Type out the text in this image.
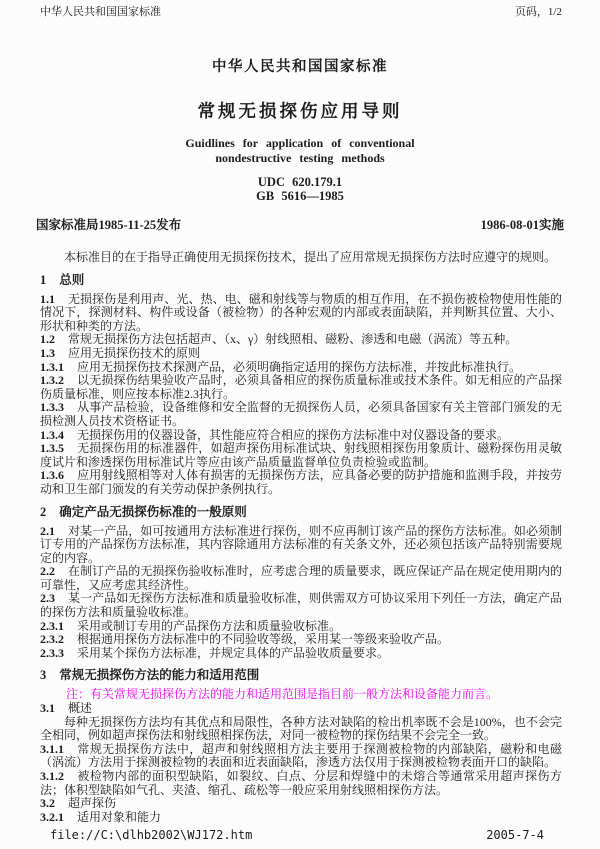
中华人民共和国国家标准	页码，1/2

中华人民共和国国家标准

常规无损探伤应用导则

Guidlines for application of conventional

nondestructive testing methods

UDC 620.179.1

GB 5616—1985

国家标准局1985-11-25发布	1986-08-01实施

本标准目的在于指导正确使用无损探伤技术，提出了应用常规无损探伤方法时应遵守的规则。

1 总则

1.1 无损探伤是利用声、光、热、电、磁和射线等与物质的相互作用，在不损伤被检物使用性能的情况下，探测材料、构件或设备（被检物）的各种宏观的内部或表面缺陷，并判断其位置、大小、形状和种类的方法。

1.2 常规无损探伤方法包括超声、（x、γ）射线照相、磁粉、渗透和电磁（涡流）等五种。

1.3 应用无损探伤技术的原则

1.3.1 应用无损探伤技术探测产品，必须明确指定适用的探伤方法标准，并按此标准执行。

1.3.2 以无损探伤结果验收产品时，必须具备相应的探伤质量标准或技术条件。如无相应的产品探伤质量标准，则应按本标准2.3执行。

1.3.3 从事产品检验，设备维修和安全监督的无损探伤人员，必须具备国家有关主管部门颁发的无损检测人员技术资格证书。

1.3.4 无损探伤用的仪器设备，其性能应符合相应的探伤方法标准中对仪器设备的要求。

1.3.5 无损探伤用的标准器件，如超声探伤用标准试块、射线照相探伤用象质计、磁粉探伤用灵敏度试片和渗透探伤用标准试片等应由该产品质量监督单位负责检验或监制。

1.3.6 应用射线照相等对人体有损害的无损探伤方法，应具备必要的防护措施和监测手段，并按劳动和卫生部门颁发的有关劳动保护条例执行。

2 确定产品无损探伤标准的一般原则

2.1 对某一产品，如可按通用方法标准进行探伤，则不应再制订该产品的探伤方法标准。如必须制订专用的产品探伤方法标准，其内容除通用方法标准的有关条文外，还必须包括该产品特别需要规定的内容。

2.2 在制订产品的无损探伤验收标准时，应考虑合理的质量要求，既应保证产品在规定使用期内的可靠性，又应考虑其经济性。

2.3 某一产品如无探伤方法标准和质量验收标准，则供需双方可协议采用下列任一方法，确定产品的探伤方法和质量验收标准。

2.3.1 采用或制订专用的产品探伤方法和质量验收标准。

2.3.2 根据通用探伤方法标准中的不同验收等级，采用某一等级来验收产品。

2.3.3 采用某个探伤方法标准，并规定具体的产品验收质量要求。

3 常规无损探伤方法的能力和适用范围

注：有关常规无损探伤方法的能力和适用范围是指目前一般方法和设备能力而言。

3.1 概述

每种无损探伤方法均有其优点和局限性，各种方法对缺陷的检出机率既不会是100%，也不会完全相同，例如超声探伤法和射线照相探伤法，对同一被检物的探伤结果不会完全一致。

3.1.1 常规无损探伤方法中，超声和射线照相方法主要用于探测被检物的内部缺陷，磁粉和电磁（涡流）方法用于探测被检物的表面和近表面缺陷，渗透方法仅用于探测被检物表面开口的缺陷。

3.1.2 被检物内部的面积型缺陷，如裂纹、白点、分层和焊缝中的未熔合等通常采用超声探伤方法；体积型缺陷如气孔、夹渣、缩孔、疏松等一般应采用射线照相探伤方法。

3.2 超声探伤

3.2.1 适用对象和能力

file://C:\dlhb2002\WJ172.htm	2005-7-4
